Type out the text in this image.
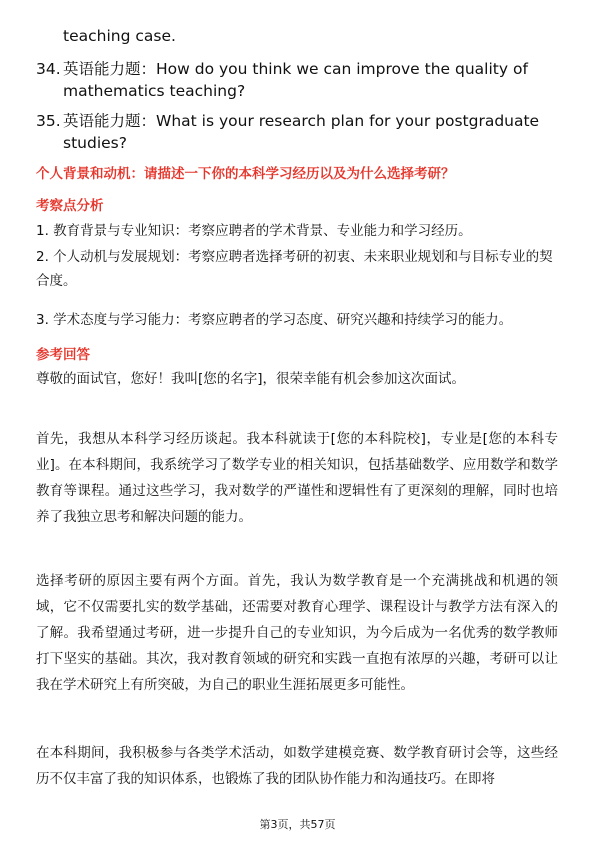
teaching case.
34. 英语能力题：How do you think we can improve the quality of mathematics teaching?
35. 英语能力题：What is your research plan for your postgraduate studies?
个人背景和动机：请描述一下你的本科学习经历以及为什么选择考研？
考察点分析
1. 教育背景与专业知识：考察应聘者的学术背景、专业能力和学习经历。
2. 个人动机与发展规划：考察应聘者选择考研的初衷、未来职业规划和与目标专业的契合度。
3. 学术态度与学习能力：考察应聘者的学习态度、研究兴趣和持续学习的能力。
参考回答
尊敬的面试官，您好！我叫[您的名字]，很荣幸能有机会参加这次面试。
首先，我想从本科学习经历谈起。我本科就读于[您的本科院校]，专业是[您的本科专业]。在本科期间，我系统学习了数学专业的相关知识，包括基础数学、应用数学和数学教育等课程。通过这些学习，我对数学的严谨性和逻辑性有了更深刻的理解，同时也培养了我独立思考和解决问题的能力。
选择考研的原因主要有两个方面。首先，我认为数学教育是一个充满挑战和机遇的领域，它不仅需要扎实的数学基础，还需要对教育心理学、课程设计与教学方法有深入的了解。我希望通过考研，进一步提升自己的专业知识，为今后成为一名优秀的数学教师打下坚实的基础。其次，我对教育领域的研究和实践一直抱有浓厚的兴趣，考研可以让我在学术研究上有所突破，为自己的职业生涯拓展更多可能性。
在本科期间，我积极参与各类学术活动，如数学建模竞赛、数学教育研讨会等，这些经历不仅丰富了我的知识体系，也锻炼了我的团队协作能力和沟通技巧。在即将
第3页，共57页
